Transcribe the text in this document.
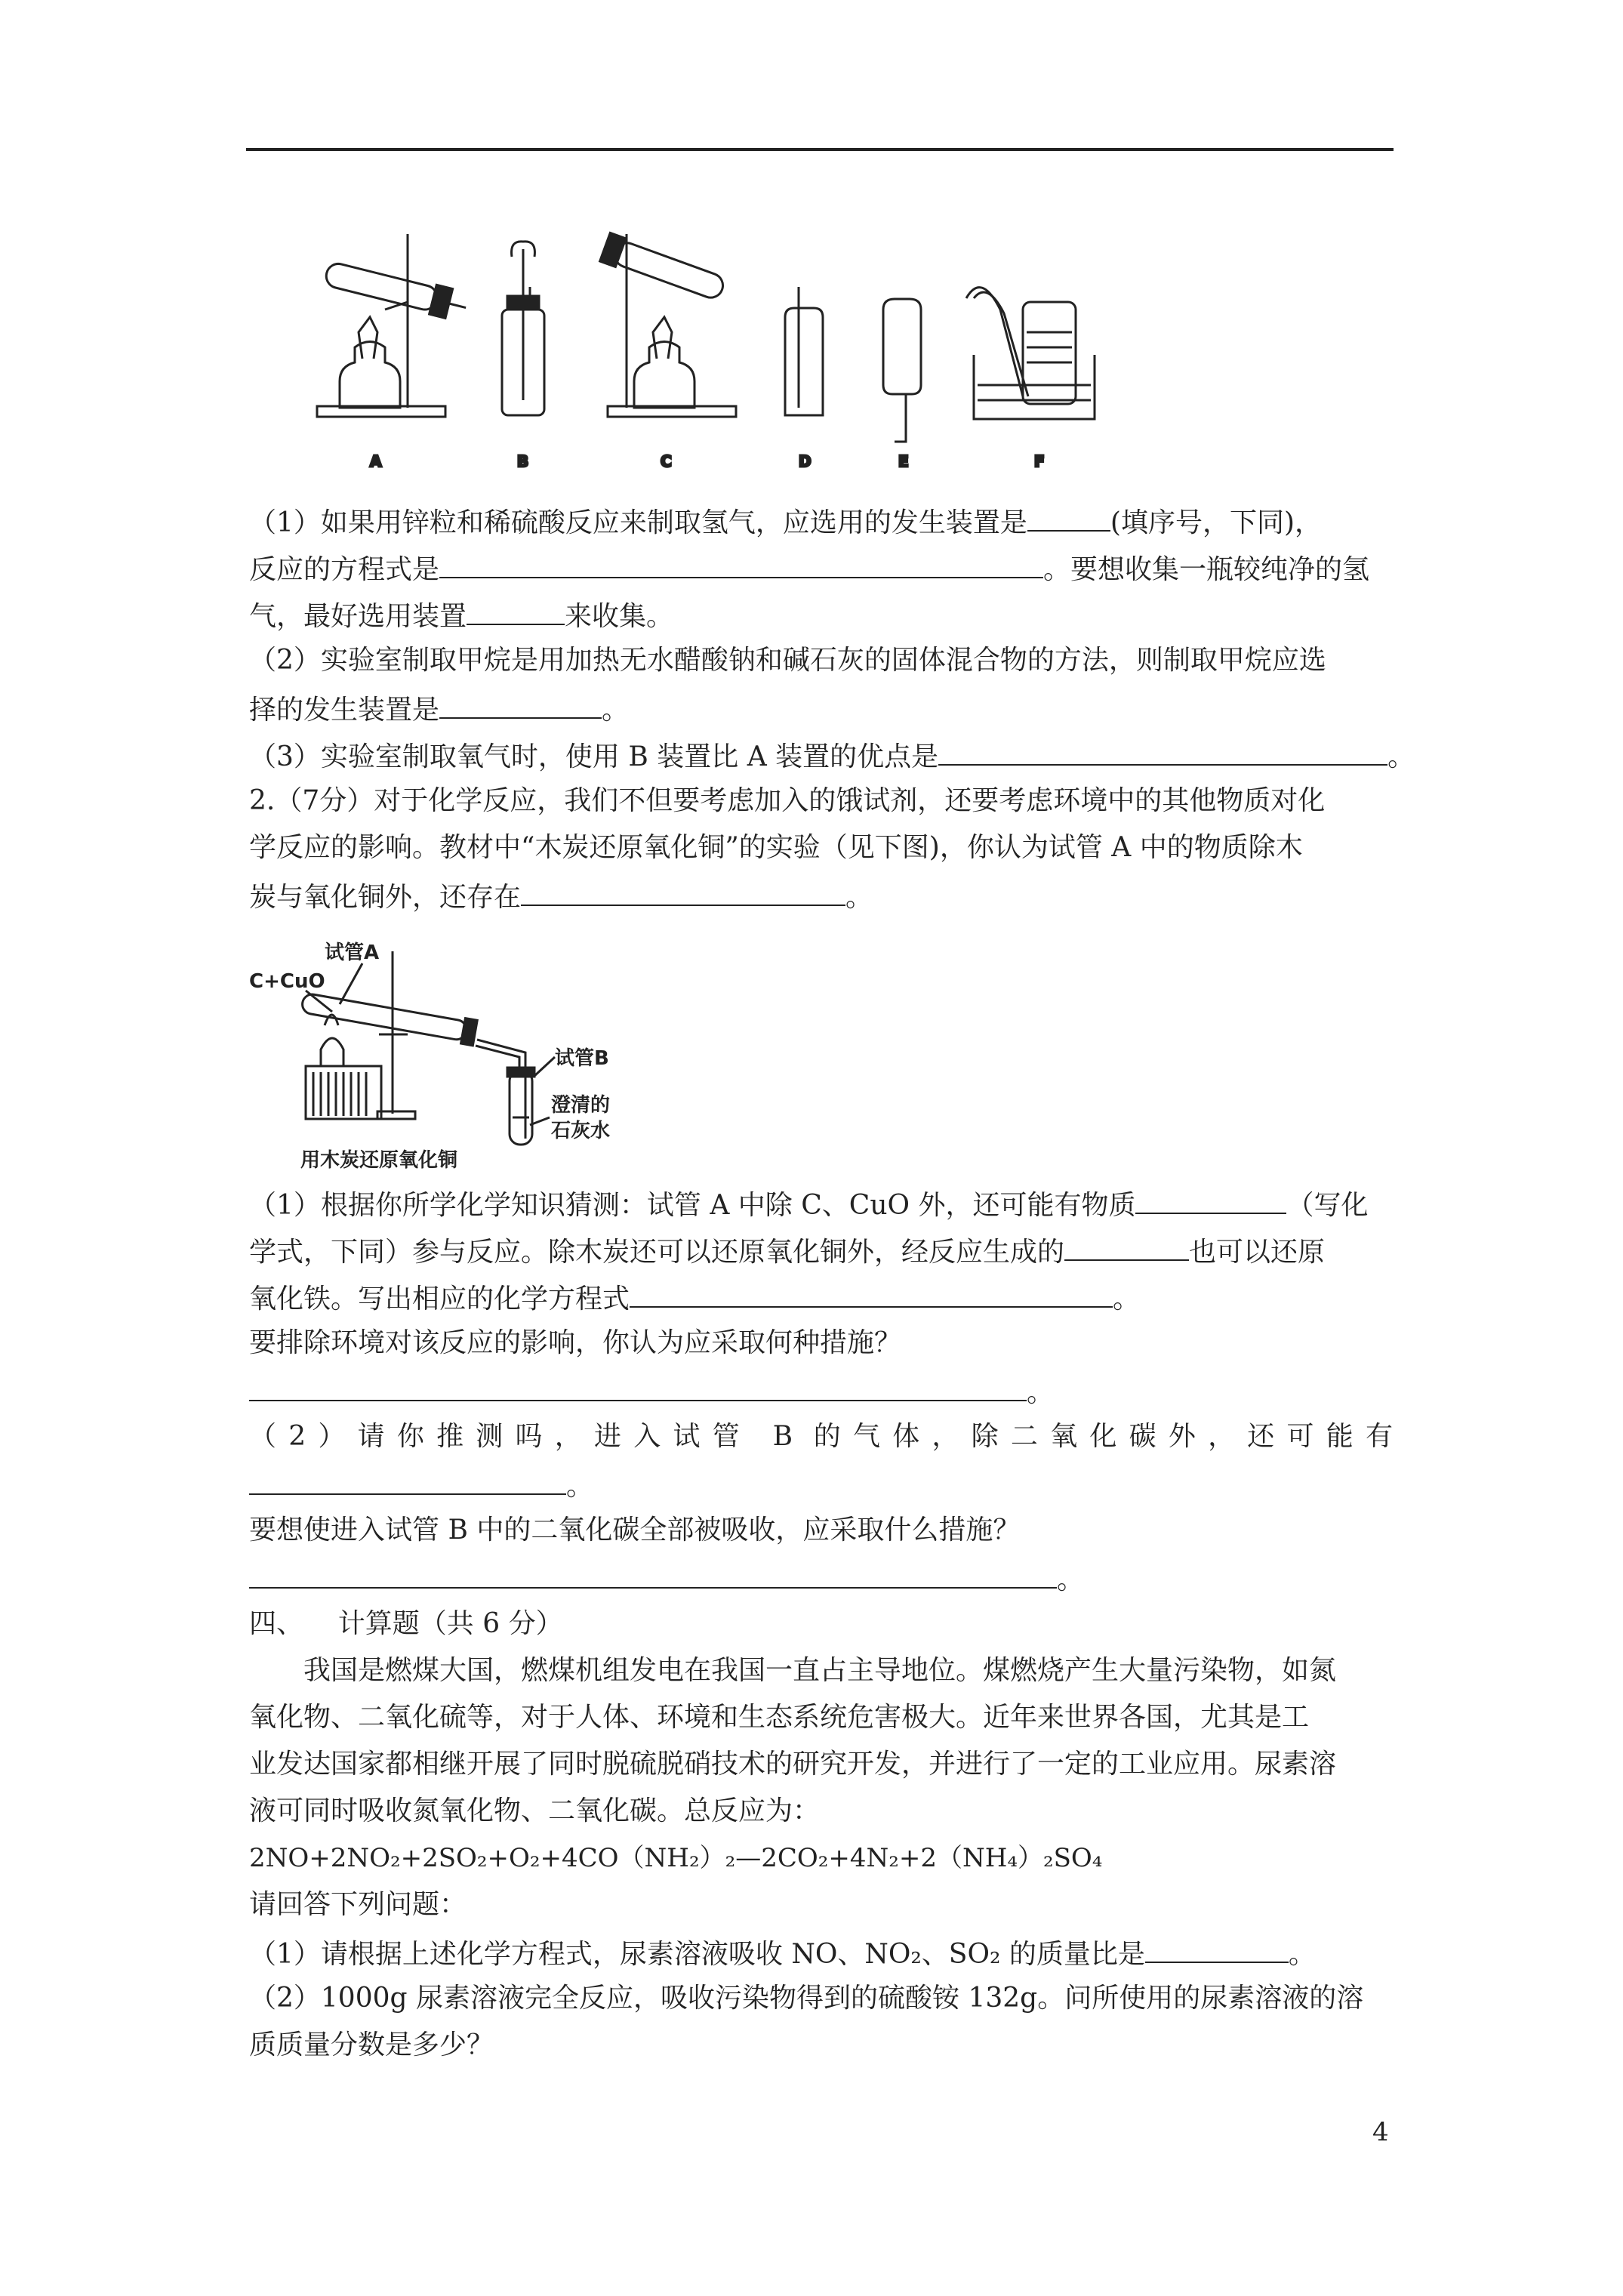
A	B	C	D	E	F
（1）如果用锌粒和稀硫酸反应来制取氢气，应选用的发生装置是	(填序号，下同)，
反应的方程式是	。要想收集一瓶较纯净的氢
气，最好选用装置	来收集。
（2）实验室制取甲烷是用加热无水醋酸钠和碱石灰的固体混合物的方法，则制取甲烷应选
择的发生装置是	。
（3）实验室制取氧气时，使用 B 装置比 A 装置的优点是	。
2.（7分）对于化学反应，我们不但要考虑加入的饿试剂，还要考虑环境中的其他物质对化
学反应的影响。教材中“木炭还原氧化铜”的实验（见下图)，你认为试管 A 中的物质除木
炭与氧化铜外，还存在	。
试管A
C+CuO
试管B
澄清的
石灰水
用木炭还原氧化铜
（1）根据你所学化学知识猜测：试管 A 中除 C、CuO 外，还可能有物质	（写化
学式，下同）参与反应。除木炭还可以还原氧化铜外，经反应生成的	也可以还原
氧化铁。写出相应的化学方程式	。
要排除环境对该反应的影响，你认为应采取何种措施？
。
（2）请你推测吗，进入试管 B 的气体，除二氧化碳外，还可能有
。
要想使进入试管 B 中的二氧化碳全部被吸收，应采取什么措施？
。
四、    计算题（共 6 分）
我国是燃煤大国，燃煤机组发电在我国一直占主导地位。煤燃烧产生大量污染物，如氮
氧化物、二氧化硫等，对于人体、环境和生态系统危害极大。近年来世界各国，尤其是工
业发达国家都相继开展了同时脱硫脱硝技术的研究开发，并进行了一定的工业应用。尿素溶
液可同时吸收氮氧化物、二氧化碳。总反应为：
2NO+2NO₂+2SO₂+O₂+4CO（NH₂）₂—2CO₂+4N₂+2（NH₄）₂SO₄
请回答下列问题：
（1）请根据上述化学方程式，尿素溶液吸收 NO、NO₂、SO₂ 的质量比是	。
（2）1000g 尿素溶液完全反应，吸收污染物得到的硫酸铵 132g。问所使用的尿素溶液的溶
质质量分数是多少？
4
